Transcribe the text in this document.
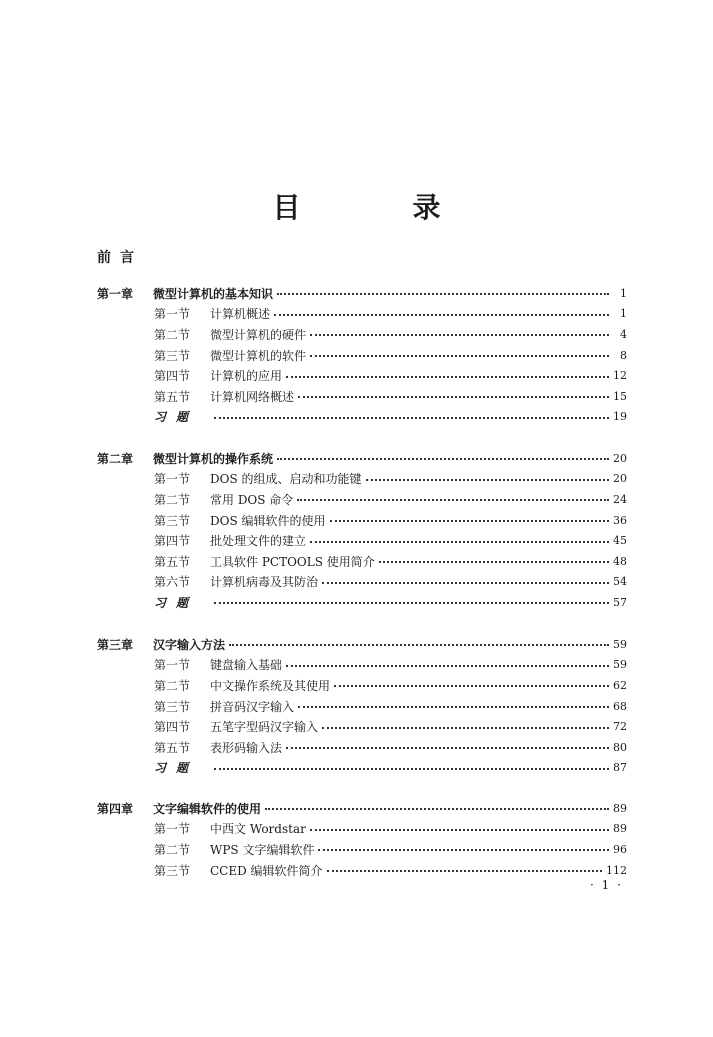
目　录
前言
第一章	微型计算机的基本知识	1
第一节	计算机概述	1
第二节	微型计算机的硬件	4
第三节	微型计算机的软件	8
第四节	计算机的应用	12
第五节	计算机网络概述	15
习题	19
第二章	微型计算机的操作系统	20
第一节	DOS 的组成、启动和功能键	20
第二节	常用 DOS 命令	24
第三节	DOS 编辑软件的使用	36
第四节	批处理文件的建立	45
第五节	工具软件 PCTOOLS 使用简介	48
第六节	计算机病毒及其防治	54
习题	57
第三章	汉字输入方法	59
第一节	键盘输入基础	59
第二节	中文操作系统及其使用	62
第三节	拼音码汉字输入	68
第四节	五笔字型码汉字输入	72
第五节	表形码输入法	80
习题	87
第四章	文字编辑软件的使用	89
第一节	中西文 Wordstar	89
第二节	WPS 文字编辑软件	96
第三节	CCED 编辑软件简介	112
· 1 ·
